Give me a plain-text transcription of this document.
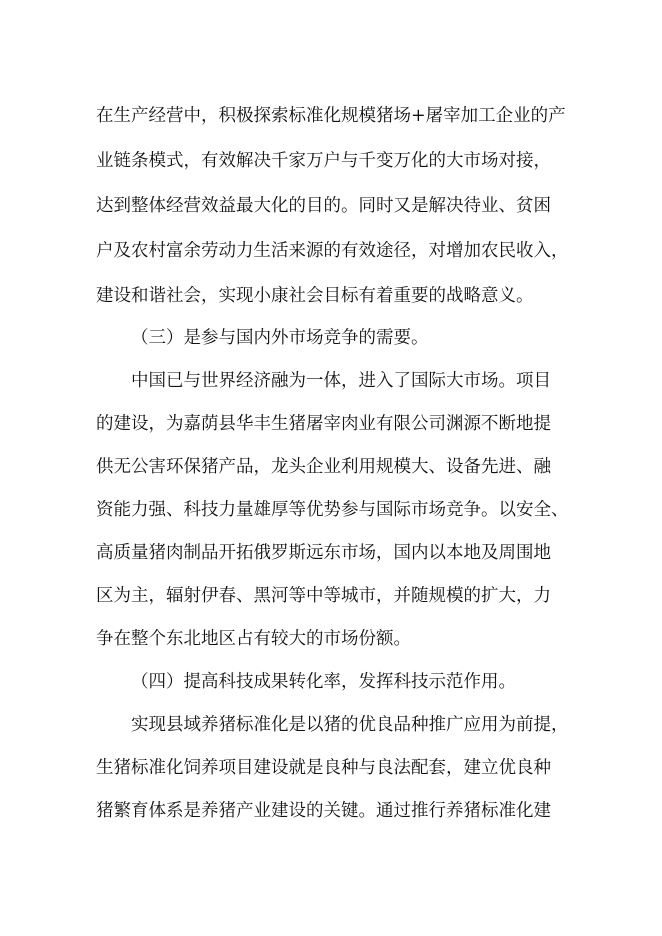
在生产经营中，积极探索标准化规模猪场+屠宰加工企业的产
业链条模式，有效解决千家万户与千变万化的大市场对接，
达到整体经营效益最大化的目的。同时又是解决待业、贫困
户及农村富余劳动力生活来源的有效途径，对增加农民收入，
建设和谐社会，实现小康社会目标有着重要的战略意义。
（三）是参与国内外市场竞争的需要。
中国已与世界经济融为一体，进入了国际大市场。项目
的建设，为嘉荫县华丰生猪屠宰肉业有限公司渊源不断地提
供无公害环保猪产品，龙头企业利用规模大、设备先进、融
资能力强、科技力量雄厚等优势参与国际市场竞争。以安全、
高质量猪肉制品开拓俄罗斯远东市场，国内以本地及周围地
区为主，辐射伊春、黑河等中等城市，并随规模的扩大，力
争在整个东北地区占有较大的市场份额。
（四）提高科技成果转化率，发挥科技示范作用。
实现县域养猪标准化是以猪的优良品种推广应用为前提，
生猪标准化饲养项目建设就是良种与良法配套，建立优良种
猪繁育体系是养猪产业建设的关键。通过推行养猪标准化建
